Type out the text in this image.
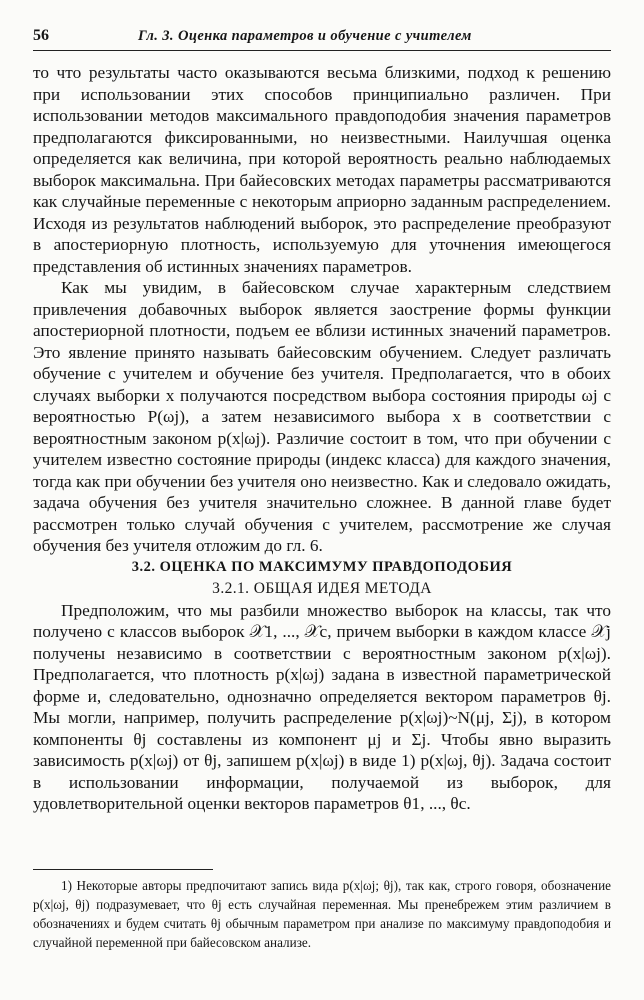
56	Гл. 3. Оценка параметров и обучение с учителем

то что результаты часто оказываются весьма близкими, подход к решению при использовании этих способов принципиально различен. При использовании методов максимального правдоподобия значения параметров предполагаются фиксированными, но неизвестными. Наилучшая оценка определяется как величина, при которой вероятность реально наблюдаемых выборок максимальна. При байесовских методах параметры рассматриваются как случайные переменные с некоторым априорно заданным распределением. Исходя из результатов наблюдений выборок, это распределение преобразуют в апостериорную плотность, используемую для уточнения имеющегося представления об истинных значениях параметров.

Как мы увидим, в байесовском случае характерным следствием привлечения добавочных выборок является заострение формы функции апостериорной плотности, подъем ее вблизи истинных значений параметров. Это явление принято называть байесовским обучением. Следует различать обучение с учителем и обучение без учителя. Предполагается, что в обоих случаях выборки x получаются посредством выбора состояния природы ωj с вероятностью P(ωj), а затем независимого выбора x в соответствии с вероятностным законом p(x|ωj). Различие состоит в том, что при обучении с учителем известно состояние природы (индекс класса) для каждого значения, тогда как при обучении без учителя оно неизвестно. Как и следовало ожидать, задача обучения без учителя значительно сложнее. В данной главе будет рассмотрен только случай обучения с учителем, рассмотрение же случая обучения без учителя отложим до гл. 6.

3.2. ОЦЕНКА ПО МАКСИМУМУ ПРАВДОПОДОБИЯ

3.2.1. ОБЩАЯ ИДЕЯ МЕТОДА

Предположим, что мы разбили множество выборок на классы, так что получено c классов выборок 𝒳1, ..., 𝒳c, причем выборки в каждом классе 𝒳j получены независимо в соответствии с вероятностным законом p(x|ωj). Предполагается, что плотность p(x|ωj) задана в известной параметрической форме и, следовательно, однозначно определяется вектором параметров θj. Мы могли, например, получить распределение p(x|ωj)~N(μj, Σj), в котором компоненты θj составлены из компонент μj и Σj. Чтобы явно выразить зависимость p(x|ωj) от θj, запишем p(x|ωj) в виде 1) p(x|ωj, θj). Задача состоит в использовании информации, получаемой из выборок, для удовлетворительной оценки векторов параметров θ1, ..., θc.

1) Некоторые авторы предпочитают запись вида p(x|ωj; θj), так как, строго говоря, обозначение p(x|ωj, θj) подразумевает, что θj есть случайная переменная. Мы пренебрежем этим различием в обозначениях и будем считать θj обычным параметром при анализе по максимуму правдоподобия и случайной переменной при байесовском анализе.
